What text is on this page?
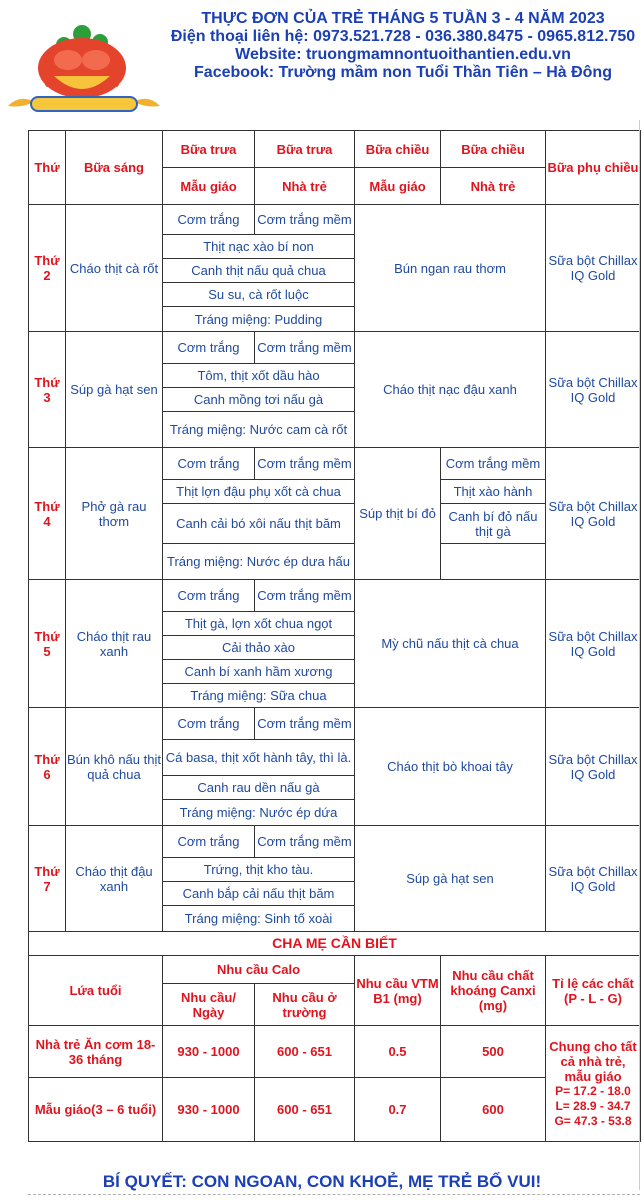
THỰC ĐƠN CỦA TRẺ THÁNG 5 TUẦN 3 - 4 NĂM 2023
Điện thoại liên hệ: 0973.521.728 - 036.380.8475 - 0965.812.750
Website: truongmamnontuoithantien.edu.vn
Facebook: Trường mầm non Tuổi Thần Tiên – Hà Đông
Thứ	Bữa sáng	Bữa trưa	Bữa trưa	Bữa chiều	Bữa chiều	Bữa phụ chiều
		Mẫu giáo	Nhà trẻ	Mẫu giáo	Nhà trẻ	
Thứ 2	Cháo thịt cà rốt	Cơm trắng	Cơm trắng mềm	Bún ngan rau thơm		Sữa bột Chillax IQ Gold
		Thịt nạc xào bí non				
		Canh thịt nấu quả chua				
		Su su, cà rốt luộc				
		Tráng miệng: Pudding				
Thứ 3	Súp gà hạt sen	Cơm trắng	Cơm trắng mềm	Cháo thịt nạc đậu xanh		Sữa bột Chillax IQ Gold
		Tôm, thịt xốt dầu hào				
		Canh mồng tơi nấu gà				
		Tráng miệng: Nước cam cà rốt				
Thứ 4	Phở gà rau thơm	Cơm trắng	Cơm trắng mềm	Súp thịt bí đỏ	Cơm trắng mềm	Sữa bột Chillax IQ Gold
		Thịt lợn đậu phụ xốt cà chua			Thịt xào hành	
		Canh cải bó xôi nấu thịt băm			Canh bí đỏ nấu thịt gà	
		Tráng miệng: Nước ép dưa hấu				
Thứ 5	Cháo thịt rau xanh	Cơm trắng	Cơm trắng mềm	Mỳ chũ nấu thịt cà chua		Sữa bột Chillax IQ Gold
		Thịt gà, lợn xốt chua ngọt				
		Cải thảo xào				
		Canh bí xanh hầm xương				
		Tráng miệng: Sữa chua				
Thứ 6	Bún khô nấu thịt quả chua	Cơm trắng	Cơm trắng mềm	Cháo thịt bò khoai tây		Sữa bột Chillax IQ Gold
		Cá basa, thịt xốt hành tây, thì là.				
		Canh rau dền nấu gà				
		Tráng miệng: Nước ép dứa				
Thứ 7	Cháo thịt đậu xanh	Cơm trắng	Cơm trắng mềm	Súp gà hạt sen		Sữa bột Chillax IQ Gold
		Trứng, thịt kho tàu.				
		Canh bắp cải nấu thịt băm				
		Tráng miệng: Sinh tố xoài				
CHA MẸ CẦN BIẾT						
Lứa tuổi		Nhu cầu Calo		Nhu cầu VTM B1 (mg)	Nhu cầu chất khoáng Canxi (mg)	Tỉ lệ các chất (P - L - G)
		Nhu cầu/ Ngày	Nhu cầu ở trường			
Nhà trẻ Ăn cơm 18-36 tháng		930 - 1000	600 - 651	0.5	500	Chung cho tất cả nhà trẻ, mẫu giáo
P= 17.2 - 18.0
L= 28.9 - 34.7
G= 47.3 - 53.8

Mẫu giáo(3 – 6 tuổi)		930 - 1000	600 - 651	0.7	600	
BÍ QUYẾT: CON NGOAN, CON KHOẺ, MẸ TRẺ BỐ VUI!
